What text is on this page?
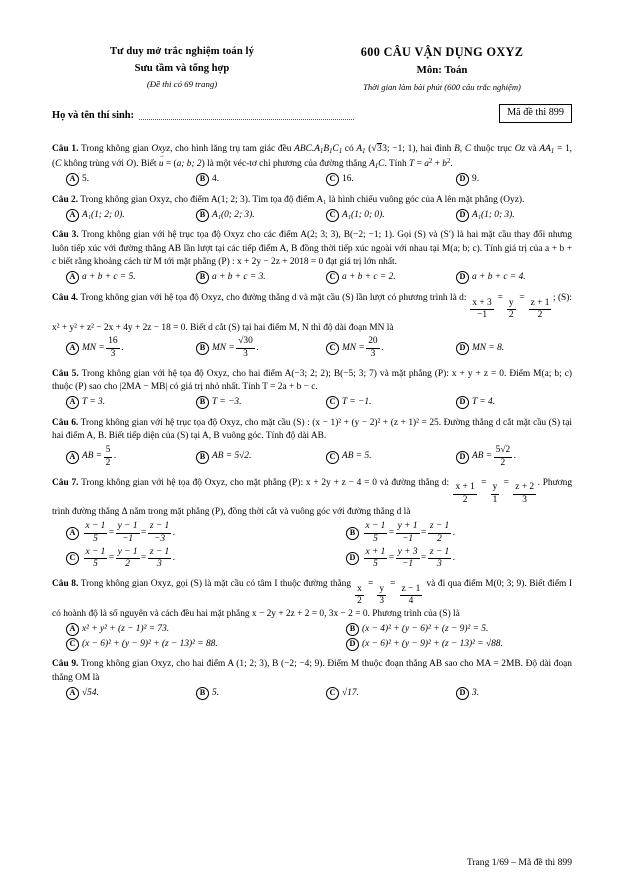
Tư duy mở trắc nghiệm toán lý
Sưu tầm và tổng hợp
(Đề thi có 69 trang)
600 CÂU VẬN DỤNG OXYZ
Môn: Toán
Thời gian làm bài phút (600 câu trắc nghiệm)
Họ và tên thí sinh:	Mã đề thi 899
Câu 1. Trong không gian Oxyz, cho hình lăng trụ tam giác đều $ABC.A_1B_1C_1$ có $A_1$ (√33; −1; 1), hai đỉnh B, C thuộc trục Oz và $AA_1 = 1$, (C không trùng với O). Biết u → = (a; b; 2) là một véc-tơ chỉ phương của đường thẳng $A_1C$. Tính $T = a^2 + b^2$.
A 5.	B 4.	C 16.	D 9.
Câu 2. Trong không gian Oxyz, cho điểm A(1; 2; 3). Tìm tọa độ điểm A₁ là hình chiếu vuông góc của A lên mặt phẳng (Oyz).
A A₁(1; 2; 0).	B A₁(0; 2; 3).	C A₁(1; 0; 0).	D A₁(1; 0; 3).
Câu 3. Trong không gian với hệ trục tọa độ Oxyz cho các điểm A(2; 3; 3), B(−2; −1; 1). Gọi (S) và (S′) là hai mặt cầu thay đổi nhưng luôn tiếp xúc với đường thẳng AB lần lượt tại các tiếp điểm A, B đồng thời tiếp xúc ngoài với nhau tại M(a; b; c). Tính giá trị của a + b + c biết rằng khoảng cách từ M tới mặt phẳng (P) : x + 2y − 2z + 2018 = 0 đạt giá trị lớn nhất.
A a + b + c = 5.	B a + b + c = 3.	C a + b + c = 2.	D a + b + c = 4.
Câu 4. Trong không gian với hệ tọa độ Oxyz, cho đường thẳng d và mặt cầu (S) lần lượt có phương trình là d: $\frac{x + 3}{-1} = \frac{y}{2} = \frac{z + 1}{2}$ ; (S): x² + y² + z² − 2x + 4y + 2z − 18 = 0. Biết d cắt (S) tại hai điểm M, N thì độ dài đoạn MN là
A MN = $\frac{16}{3}$ .	B MN = $\frac{√30}{3}$ .	C MN = $\frac{20}{3}$ .	D MN = 8.
Câu 5. Trong không gian với hệ tọa độ Oxyz, cho hai điểm A(−3; 2; 2); B(−5; 3; 7) và mặt phẳng (P): x + y + z = 0. Điểm M(a; b; c) thuộc (P) sao cho |2MA − MB| có giá trị nhỏ nhất. Tính T = 2a + b − c.
A T = 3.	B T = −3.	C T = −1.	D T = 4.
Câu 6. Trong không gian với hệ trục tọa độ Oxyz, cho mặt cầu (S) : (x − 1)² + (y − 2)² + (z + 1)² = 25. Đường thẳng d cắt mặt cầu (S) tại hai điểm A, B. Biết tiếp diện của (S) tại A, B vuông góc. Tính độ dài AB.
A AB = $\frac{5}{2}$ .	B AB = 5√2.	C AB = 5.	D AB = $\frac{5√2}{2}$ .
Câu 7. Trong không gian với hệ tọa độ Oxyz, cho mặt phẳng (P): x + 2y + z − 4 = 0 và đường thẳng d: $\frac{x + 1}{2} = \frac{y}{1} = \frac{z + 2}{3}$ . Phương trình đường thẳng Δ nằm trong mặt phẳng (P), đồng thời cắt và vuông góc với đường thẳng d là
A $\frac{x - 1}{5} = \frac{y - 1}{-1} = \frac{z - 1}{-3}$ .	B $\frac{x - 1}{5} = \frac{y + 1}{-1} = \frac{z - 1}{2}$ .
C $\frac{x - 1}{5} = \frac{y - 1}{2} = \frac{z - 1}{3}$ .	D $\frac{x + 1}{5} = \frac{y + 3}{-1} = \frac{z - 1}{3}$ .
Câu 8. Trong không gian Oxyz, gọi (S) là mặt cầu có tâm I thuộc đường thẳng $\frac{x}{2} = \frac{y}{3} = \frac{z - 1}{4}$ và đi qua điểm M(0; 3; 9). Biết điểm I có hoành độ là số nguyên và cách đều hai mặt phẳng x − 2y + 2z + 2 = 0, 3x − 2 = 0. Phương trình của (S) là
A x² + y² + (z − 1)² = 73.	B (x − 4)² + (y − 6)² + (z − 9)² = 5.
C (x − 6)² + (y − 9)² + (z − 13)² = 88.	D (x − 6)² + (y − 9)² + (z − 13)² = √88.
Câu 9. Trong không gian Oxyz, cho hai điểm A (1; 2; 3), B (−2; −4; 9). Điểm M thuộc đoạn thẳng AB sao cho MA = 2MB. Độ dài đoạn thẳng OM là
A √54.	B 5.	C √17.	D 3.
Trang 1/69 – Mã đề thi 899
